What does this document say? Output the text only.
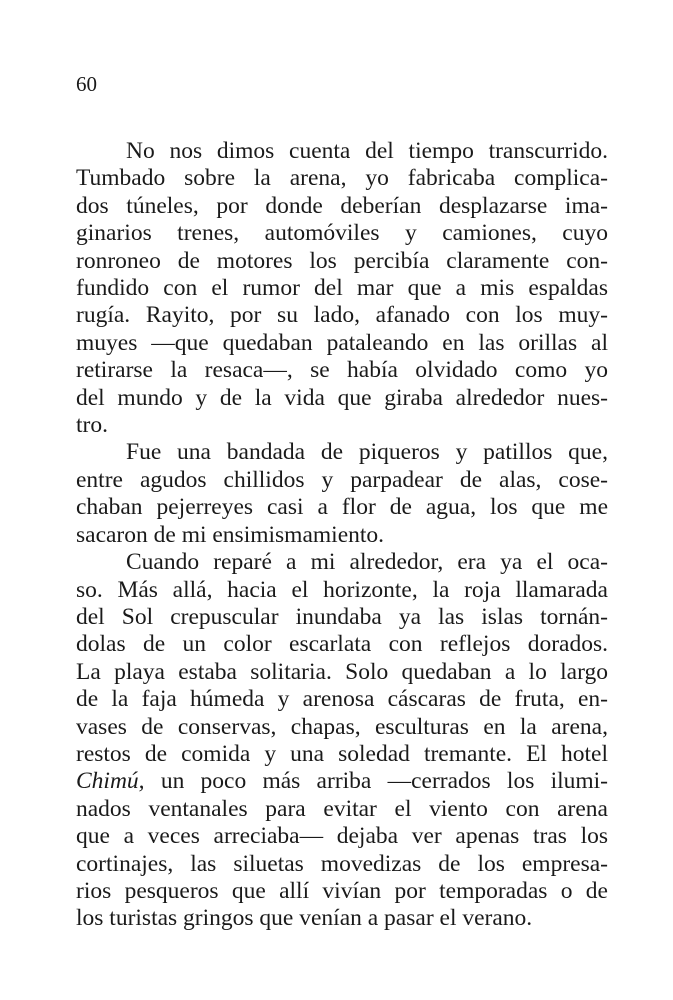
60
No nos dimos cuenta del tiempo transcurrido.
Tumbado sobre la arena, yo fabricaba complica-
dos túneles, por donde deberían desplazarse ima-
ginarios trenes, automóviles y camiones, cuyo
ronroneo de motores los percibía claramente con-
fundido con el rumor del mar que a mis espaldas
rugía. Rayito, por su lado, afanado con los muy-
muyes —que quedaban pataleando en las orillas al
retirarse la resaca—, se había olvidado como yo
del mundo y de la vida que giraba alrededor nues-
tro.
Fue una bandada de piqueros y patillos que,
entre agudos chillidos y parpadear de alas, cose-
chaban pejerreyes casi a flor de agua, los que me
sacaron de mi ensimismamiento.
Cuando reparé a mi alrededor, era ya el oca-
so. Más allá, hacia el horizonte, la roja llamarada
del Sol crepuscular inundaba ya las islas tornán-
dolas de un color escarlata con reflejos dorados.
La playa estaba solitaria. Solo quedaban a lo largo
de la faja húmeda y arenosa cáscaras de fruta, en-
vases de conservas, chapas, esculturas en la arena,
restos de comida y una soledad tremante. El hotel
Chimú, un poco más arriba —cerrados los ilumi-
nados ventanales para evitar el viento con arena
que a veces arreciaba— dejaba ver apenas tras los
cortinajes, las siluetas movedizas de los empresa-
rios pesqueros que allí vivían por temporadas o de
los turistas gringos que venían a pasar el verano.
